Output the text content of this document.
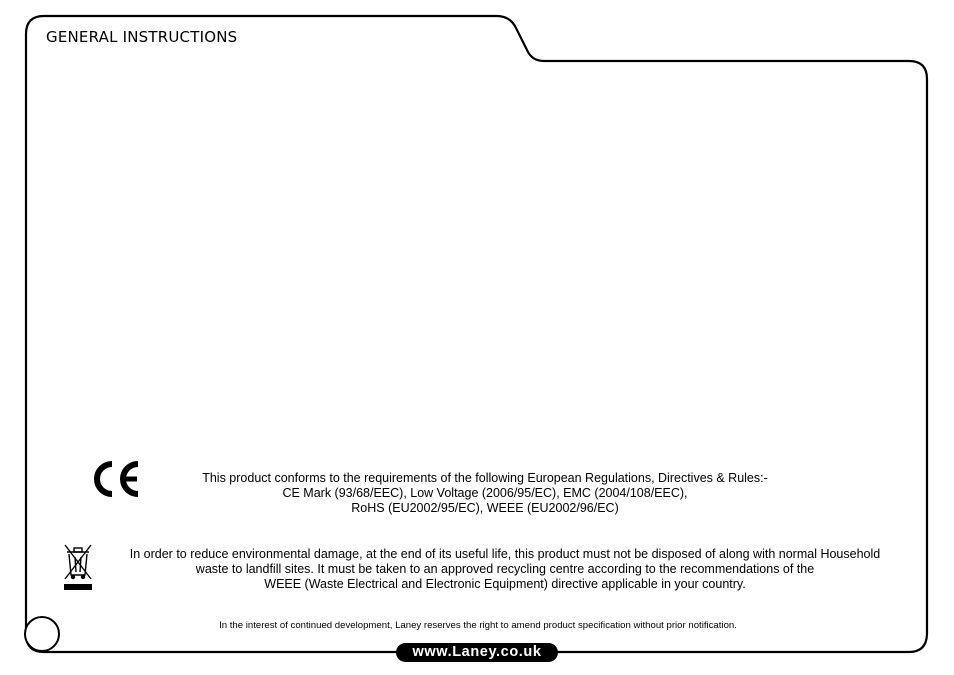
GENERAL INSTRUCTIONS
This product conforms to the requirements of the following European Regulations, Directives & Rules:-
CE Mark (93/68/EEC), Low Voltage (2006/95/EC), EMC (2004/108/EEC),
RoHS (EU2002/95/EC), WEEE (EU2002/96/EC)
In order to reduce environmental damage, at the end of its useful life, this product must not be disposed of along with normal Household
waste to landfill sites. It must be taken to an approved recycling centre according to the recommendations of the
WEEE (Waste Electrical and Electronic Equipment) directive applicable in your country.
In the interest of continued development, Laney reserves the right to amend product specification without prior notification.
www.Laney.co.uk
